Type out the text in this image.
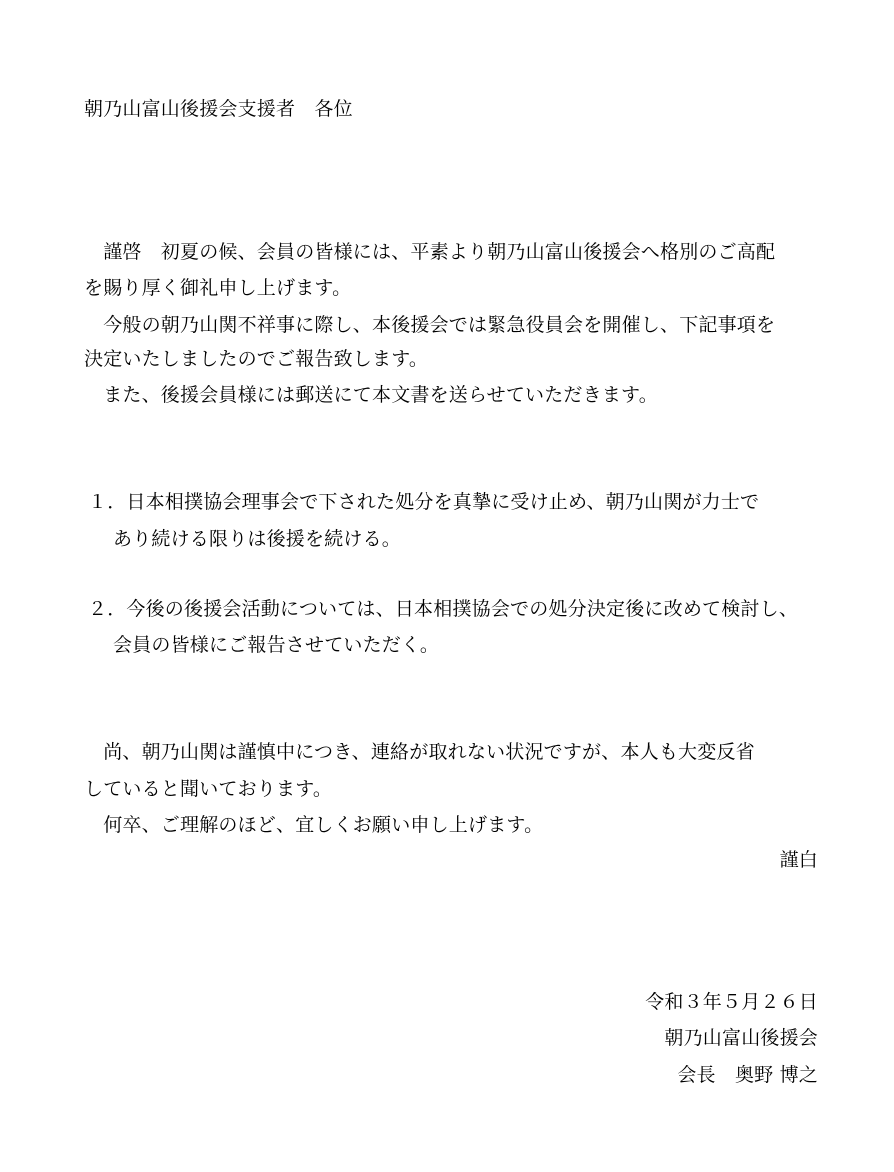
朝乃山富山後援会支援者　各位
　謹啓　初夏の候、会員の皆様には、平素より朝乃山富山後援会へ格別のご高配
を賜り厚く御礼申し上げます。
　今般の朝乃山関不祥事に際し、本後援会では緊急役員会を開催し、下記事項を
決定いたしましたのでご報告致します。
　また、後援会員様には郵送にて本文書を送らせていただきます。
１．日本相撲協会理事会で下された処分を真摯に受け止め、朝乃山関が力士で
あり続ける限りは後援を続ける。
２．今後の後援会活動については、日本相撲協会での処分決定後に改めて検討し、
会員の皆様にご報告させていただく。
　尚、朝乃山関は謹慎中につき、連絡が取れない状況ですが、本人も大変反省
していると聞いております。
　何卒、ご理解のほど、宜しくお願い申し上げます。
謹白
令和３年５月２６日
朝乃山富山後援会
会長　奥野 博之
